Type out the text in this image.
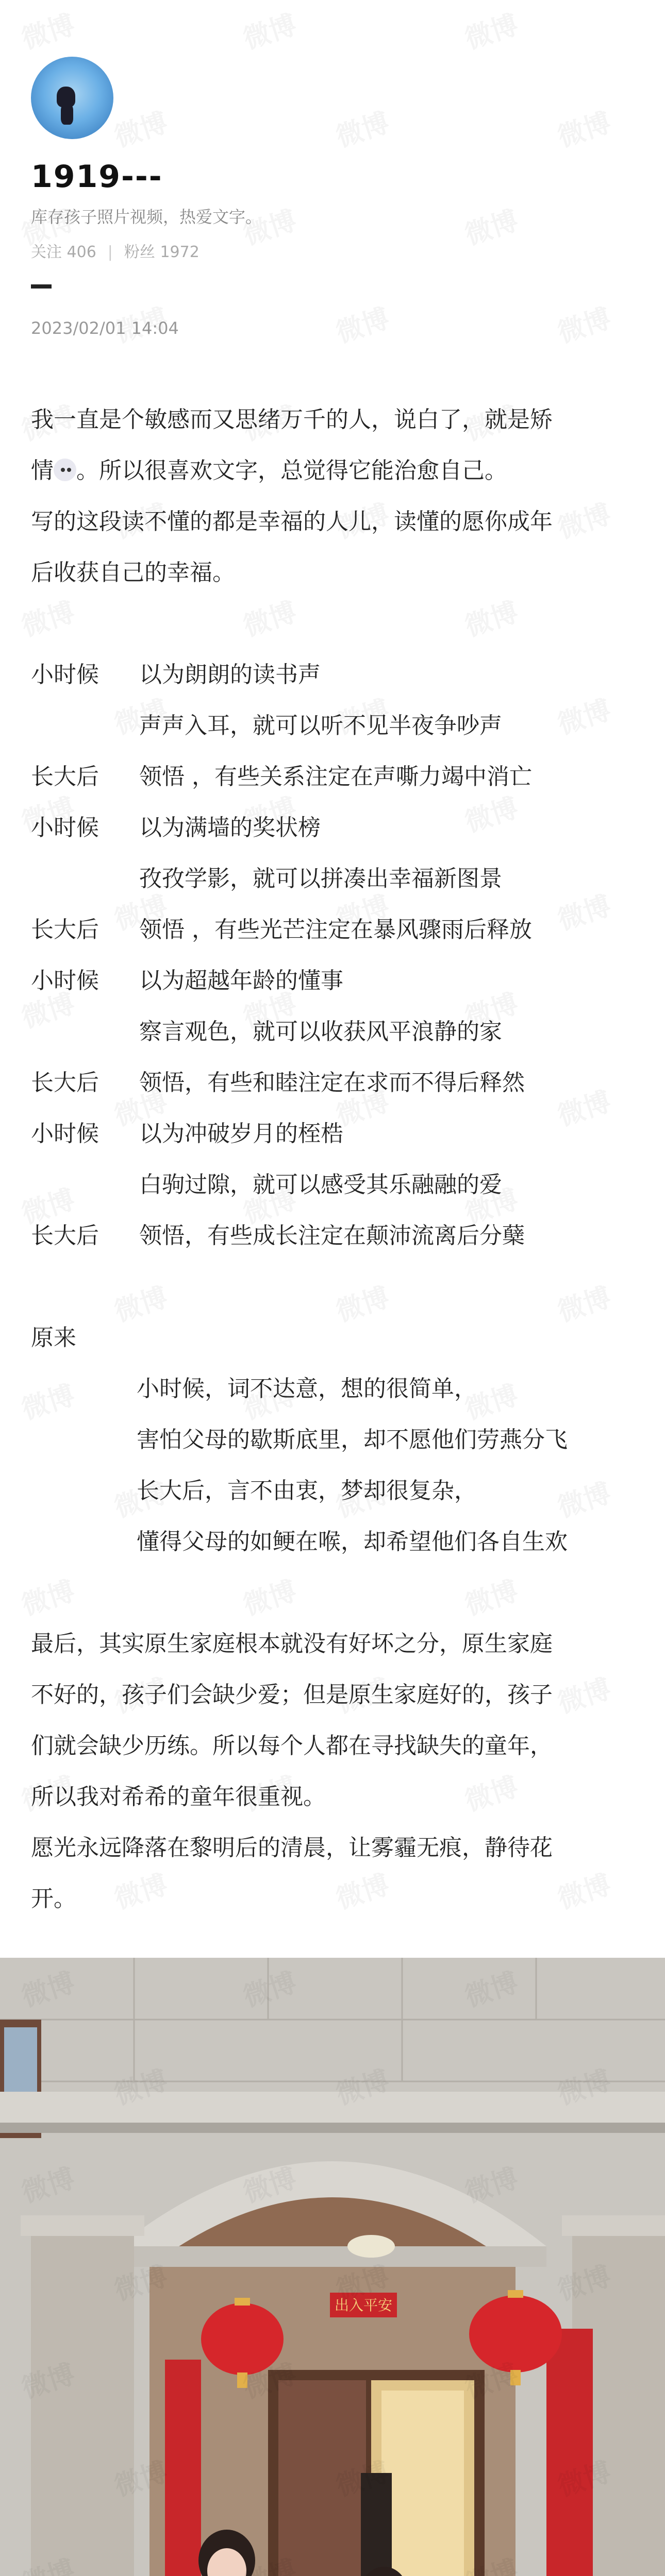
1919---
库存孩子照片视频，热爱文字。
关注 406 | 粉丝 1972
2023/02/01 14:04

我一直是个敏感而又思绪万千的人，说白了，就是矫

情 。所以很喜欢文字，总觉得它能治愈自己。

写的这段读不懂的都是幸福的人儿，读懂的愿你成年

后收获自己的幸福。

小时候	以为朗朗的读书声
声声入耳，就可以听不见半夜争吵声
长大后	领悟 ，有些关系注定在声嘶力竭中消亡
小时候	以为满墙的奖状榜
孜孜学影，就可以拼凑出幸福新图景
长大后	领悟 ，有些光芒注定在暴风骤雨后释放
小时候	以为超越年龄的懂事
察言观色，就可以收获风平浪静的家
长大后	领悟，有些和睦注定在求而不得后释然
小时候	以为冲破岁月的桎梏
白驹过隙，就可以感受其乐融融的爱
长大后	领悟，有些成长注定在颠沛流离后分蘖

原来

小时候，词不达意，想的很简单，

害怕父母的歇斯底里，却不愿他们劳燕分飞

长大后，言不由衷，梦却很复杂，

懂得父母的如鲠在喉，却希望他们各自生欢

最后，其实原生家庭根本就没有好坏之分，原生家庭

不好的，孩子们会缺少爱；但是原生家庭好的，孩子

们就会缺少历练。所以每个人都在寻找缺失的童年，

所以我对希希的童年很重视。

愿光永远降落在黎明后的清晨，让雾霾无痕，静待花

开。

出入平安
